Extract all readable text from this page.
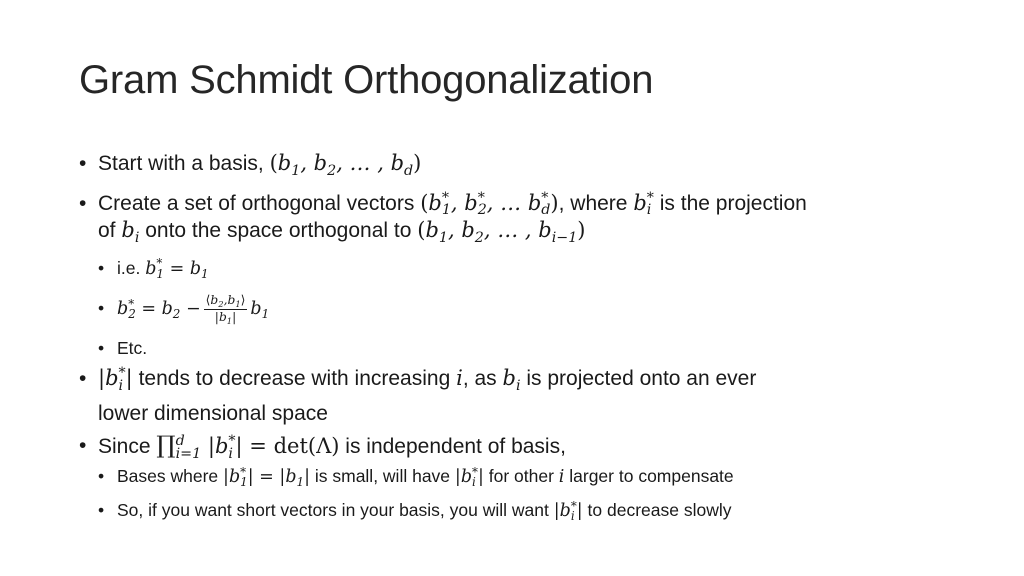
Gram Schmidt Orthogonalization
• Start with a basis, ($b_1$, $b_2$, … , $b_d$)
• Create a set of orthogonal vectors (b *
1 , b *
2 , … b *
d ), where b *
i is the projection
of $b_i$ onto the space orthogonal to ($b_1$, $b_2$, … , $b_{i-1}$)
• i.e. b *
$1 = b_1$
• b *
$2 = b_2 - \frac{⟨b_2,b_1⟩}{|b_1|} b_1$
• Etc.
• |b *
i | tends to decrease with increasing i, as $b_i$ is projected onto an ever
lower dimensional space
• Since ∏ d
i=1 |b *
i | = det(Λ) is independent of basis,
• Bases where |b *
1 | = $|b_1|$ is small, will have |b *
i | for other i larger to compensate
• So, if you want short vectors in your basis, you will want |b *
i | to decrease slowly
